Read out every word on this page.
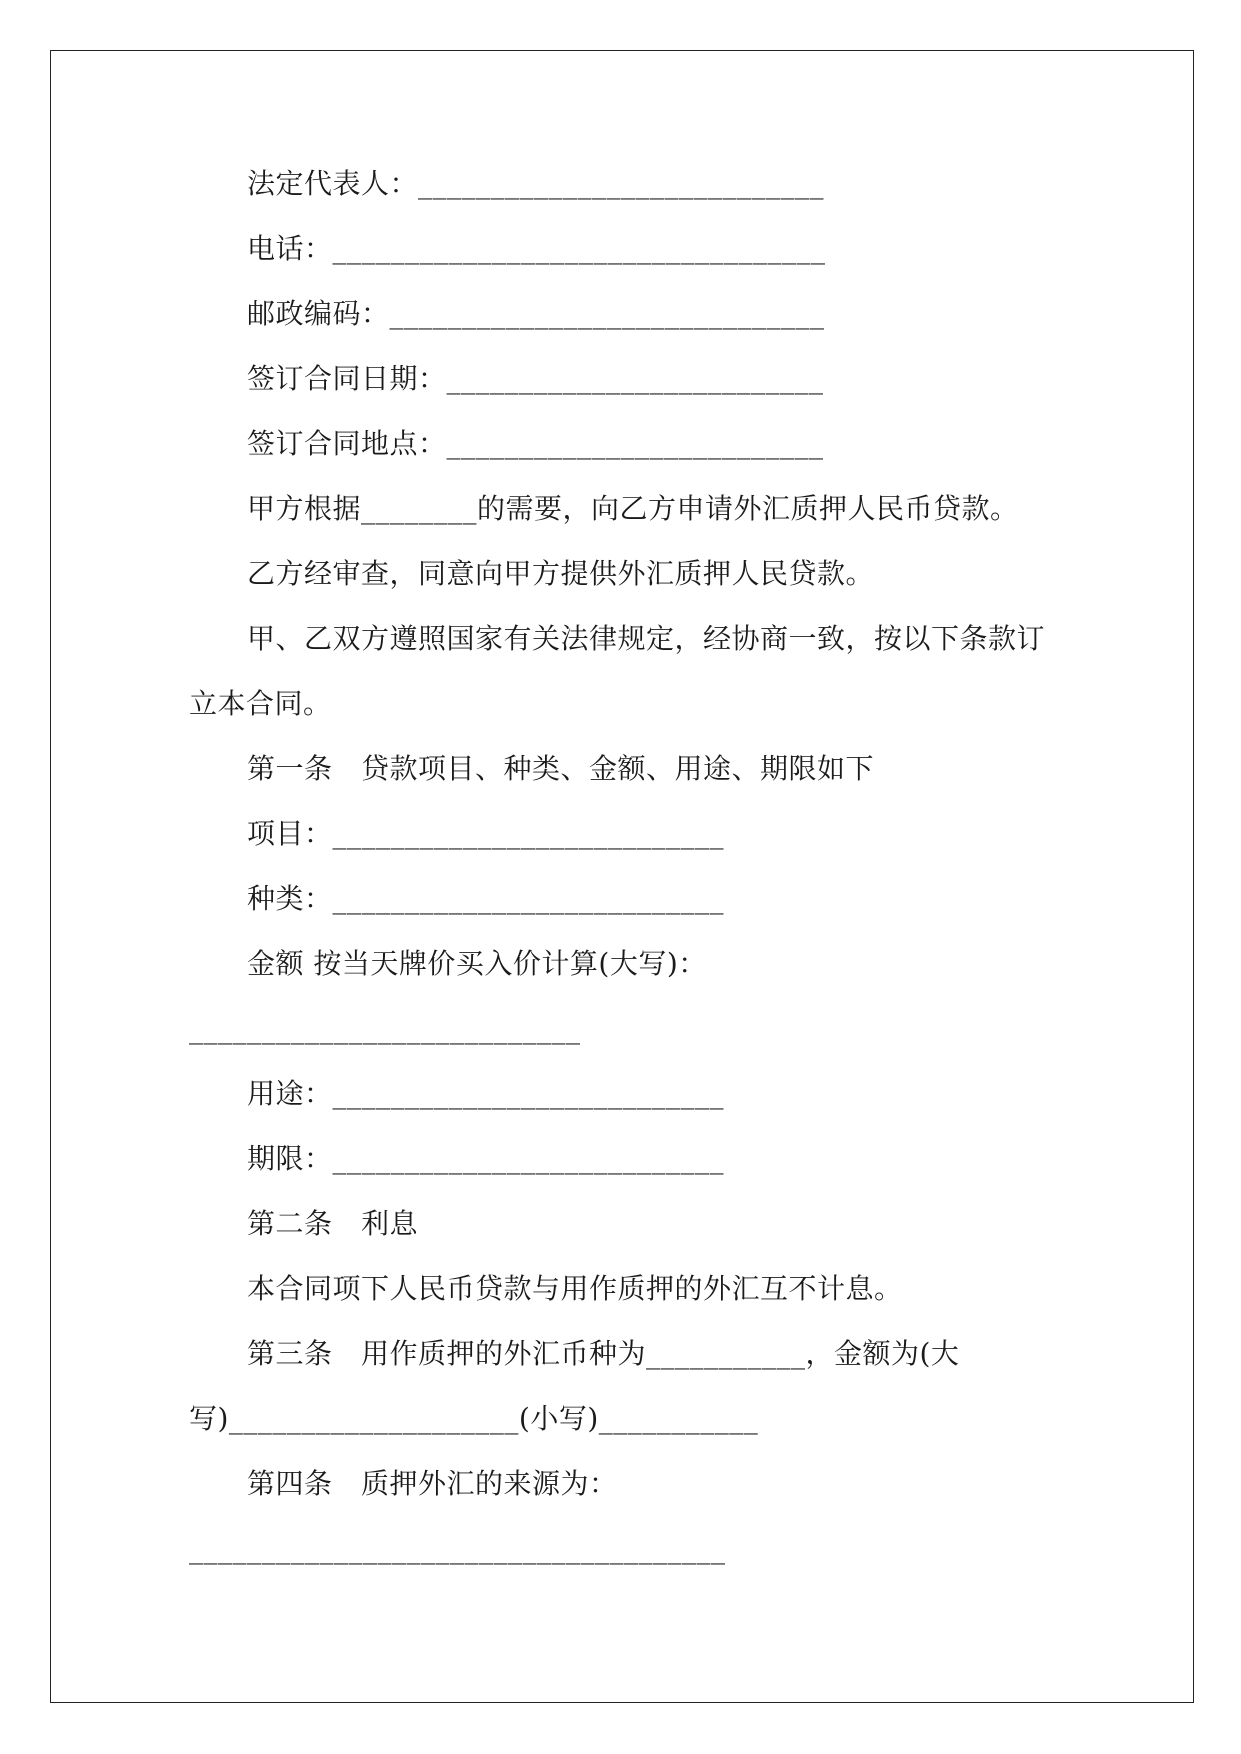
法定代表人：____________________________
电话：__________________________________
邮政编码：______________________________
签订合同日期：__________________________
签订合同地点：__________________________
甲方根据________的需要，向乙方申请外汇质押人民币贷款。
乙方经审查，同意向甲方提供外汇质押人民贷款。
甲、乙双方遵照国家有关法律规定，经协商一致，按以下条款订
立本合同。
第一条　贷款项目、种类、金额、用途、期限如下
项目：___________________________
种类：___________________________
金额 按当天牌价买入价计算(大写)：
___________________________
用途：___________________________
期限：___________________________
第二条　利息
本合同项下人民币贷款与用作质押的外汇互不计息。
第三条　用作质押的外汇币种为___________，金额为(大
写)____________________(小写)___________
第四条　质押外汇的来源为：
_____________________________________
